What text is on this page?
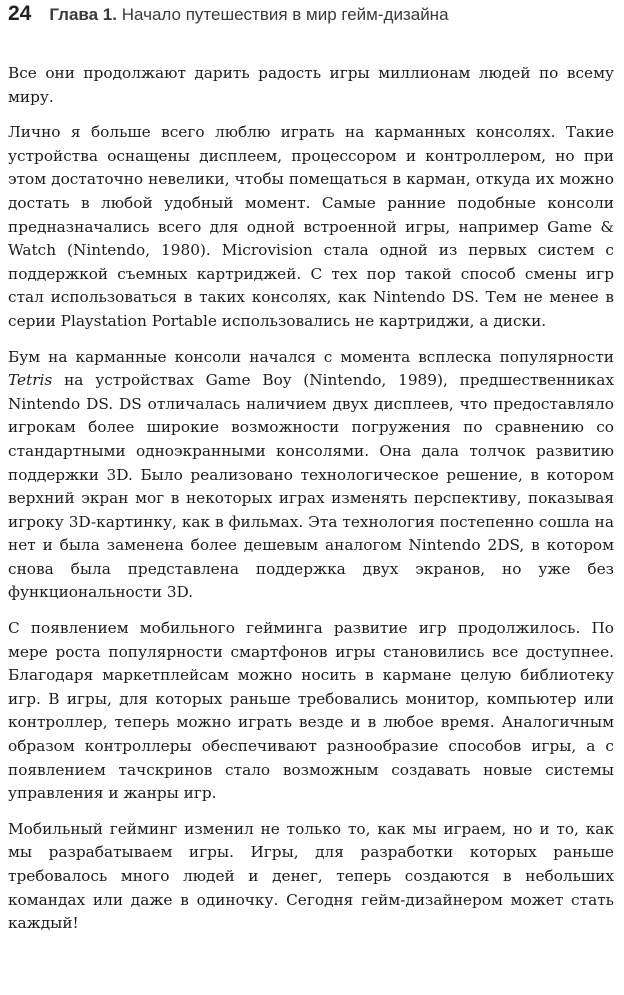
24 Глава 1. Начало путешествия в мир гейм-дизайна

Все они продолжают дарить радость игры миллионам людей по всему миру.

Лично я больше всего люблю играть на карманных консолях. Такие устройства оснащены дисплеем, процессором и контроллером, но при этом достаточно невелики, чтобы помещаться в карман, откуда их можно достать в любой удобный момент. Самые ранние подобные консоли предназначались всего для одной встроенной игры, например Game & Watch (Nintendo, 1980). Microvision стала одной из первых систем с поддержкой съемных картриджей. С тех пор такой способ смены игр стал использоваться в таких консолях, как Nintendo DS. Тем не менее в серии Playstation Portable использовались не картриджи, а диски.

Бум на карманные консоли начался с момента всплеска популярности Tetris на устройствах Game Boy (Nintendo, 1989), предшественниках Nintendo DS. DS отличалась наличием двух дисплеев, что предоставляло игрокам более широкие возможности погружения по сравнению со стандартными одноэкранными консолями. Она дала толчок развитию поддержки 3D. Было реализовано технологическое решение, в котором верхний экран мог в некоторых играх изменять перспективу, показывая игроку 3D-картинку, как в фильмах. Эта технология постепенно сошла на нет и была заменена более дешевым аналогом Nintendo 2DS, в котором снова была представлена поддержка двух экранов, но уже без функциональности 3D.

С появлением мобильного гейминга развитие игр продолжилось. По мере роста популярности смартфонов игры становились все доступнее. Благодаря маркетплейсам можно носить в кармане целую библиотеку игр. В игры, для которых раньше требовались монитор, компьютер или контроллер, теперь можно играть везде и в любое время. Аналогичным образом контроллеры обеспечивают разнообразие способов игры, а с появлением тачскринов стало возможным создавать новые системы управления и жанры игр.

Мобильный гейминг изменил не только то, как мы играем, но и то, как мы разрабатываем игры. Игры, для разработки которых раньше требовалось много людей и денег, теперь создаются в небольших командах или даже в одиночку. Сегодня гейм-дизайнером может стать каждый!
